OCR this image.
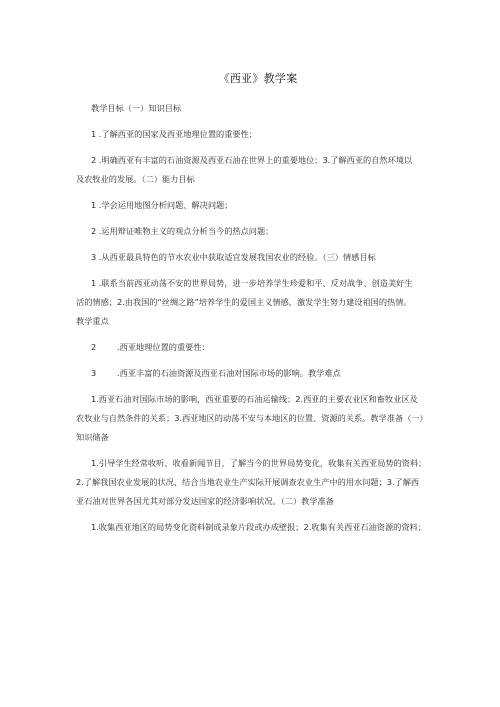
《西亚》教学案
教学目标（一）知识目标
1 .了解西亚的国家及西亚地理位置的重要性；
2 .明确西亚有丰富的石油资源及西亚石油在世界上的重要地位；3.了解西亚的自然环境以
及农牧业的发展。（二）能力目标
1 .学会运用地图分析问题、解决问题；
2 .运用辩证唯物主义的观点分析当今的热点问题；
3 .从西亚最具特色的节水农业中获取适宜发展我国农业的经验。（三）情感目标
1 .联系当前西亚动荡不安的世界局势，进一步培养学生珍爱和平、反对战争、创造美好生
活的情感；2.由我国的“丝绸之路”培养学生的爱国主义情感，激发学生努力建设祖国的热情。
教学重点
2        .西亚地理位置的重要性：
3        .西亚丰富的石油资源及西亚石油对国际市场的影响。教学难点
1.西亚石油对国际市场的影响，西亚重要的石油运输线；2.西亚的主要农业区和畜牧业区及
农牧业与自然条件的关系；3.西亚地区的动荡不安与本地区的位置、资源的关系。教学准备（一）
知识储备
1.引导学生经常收听、收看新闻节目，了解当今的世界局势变化，收集有关西亚局势的资料；
2.了解我国农业发展的状况，结合当地农业生产实际开展调查农业生产中的用水问题；3.了解西
亚石油对世界各国尤其对部分发达国家的经济影响状况。（二）教学准备
1.收集西亚地区的局势变化资料制成录象片段或办成壁报；2.收集有关西亚石油资源的资料；
